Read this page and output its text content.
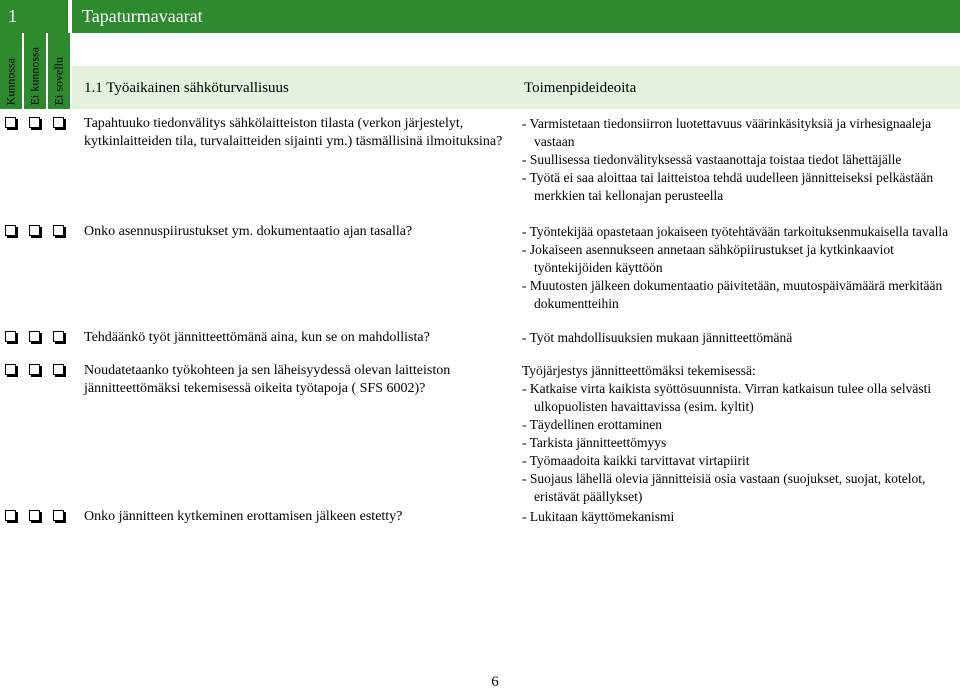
1	Tapaturmavaarat
Kunnossa Ei kunnossa Ei sovellu 1.1 Työaikainen sähköturvallisuus	Toimenpideideoita
Tapahtuuko tiedonvälitys sähkölaitteiston tilasta (verkon järjestelyt, kytkinlaitteiden tila, turvalaitteiden sijainti ym.) täsmällisinä ilmoituksina?
Onko asennuspiirustukset ym. dokumentaatio ajan tasalla?
Tehdäänkö työt jännitteettömänä aina, kun se on mahdollista?
Noudatetaanko työkohteen ja sen läheisyydessä olevan laitteiston jännitteettömäksi tekemisessä oikeita työtapoja ( SFS 6002)?
Onko jännitteen kytkeminen erottamisen jälkeen estetty?
- Varmistetaan tiedonsiirron luotettavuus väärinkäsityksiä ja virhesignaaleja vastaan
- Suullisessa tiedonvälityksessä vastaanottaja toistaa tiedot lähettäjälle
- Työtä ei saa aloittaa tai laitteistoa tehdä uudelleen jännitteiseksi pelkästään merkkien tai kellonajan perusteella
- Työntekijää opastetaan jokaiseen työtehtävään tarkoituksenmukaisella tavalla
- Jokaiseen asennukseen annetaan sähköpiirustukset ja kytkinkaaviot työntekijöiden käyttöön
- Muutosten jälkeen dokumentaatio päivitetään, muutospäivämäärä merkitään dokumentteihin
- Työt mahdollisuuksien mukaan jännitteettömänä
Työjärjestys jännitteettömäksi tekemisessä:
- Katkaise virta kaikista syöttösuunnista. Virran katkaisun tulee olla selvästi ulkopuolisten havaittavissa (esim. kyltit)
- Täydellinen erottaminen
- Tarkista jännitteettömyys
- Työmaadoita kaikki tarvittavat virtapiirit
- Suojaus lähellä olevia jännitteisiä osia vastaan (suojukset, suojat, kotelot, eristävät päällykset)
- Lukitaan käyttömekanismi
6
